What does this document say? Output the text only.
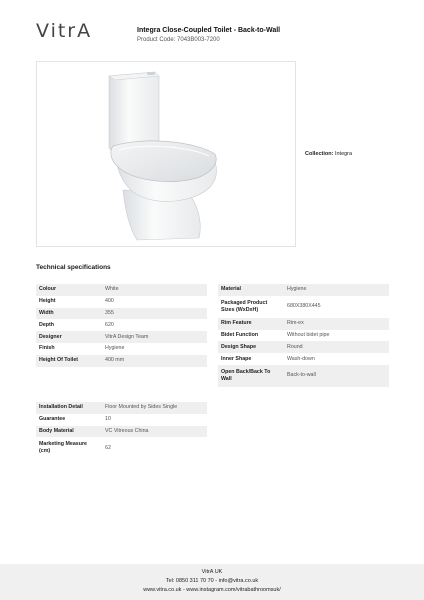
VitrA	Integra Close-Coupled Toilet - Back-to-Wall
Product Code: 7043B003-7200
Collection: Integra
Technical specifications
Colour	White
Height	400
Width	355
Depth	620
Designer	VitrA Design Team
Finish	Hygiene
Height Of Toilet	400 mm
Material	Hygiene
Packaged Product Sizes (WxDxH)	680X380X445
Rim Feature	Rim-ex
Bidet Function	Without bidet pipe
Design Shape	Round
Inner Shape	Wash-down
Open Back/Back To Wall	Back-to-wall
Installation Detail	Floor Mounted by Sides Single
Guarantee	10
Body Material	VC Vitreous China
Marketing Measure (cm)	62
VitrA UK
Tel: 0850 311 70 70 - info@vitra.co.uk
www.vitra.co.uk - www.instagram.com/vitrabathroomsuk/
